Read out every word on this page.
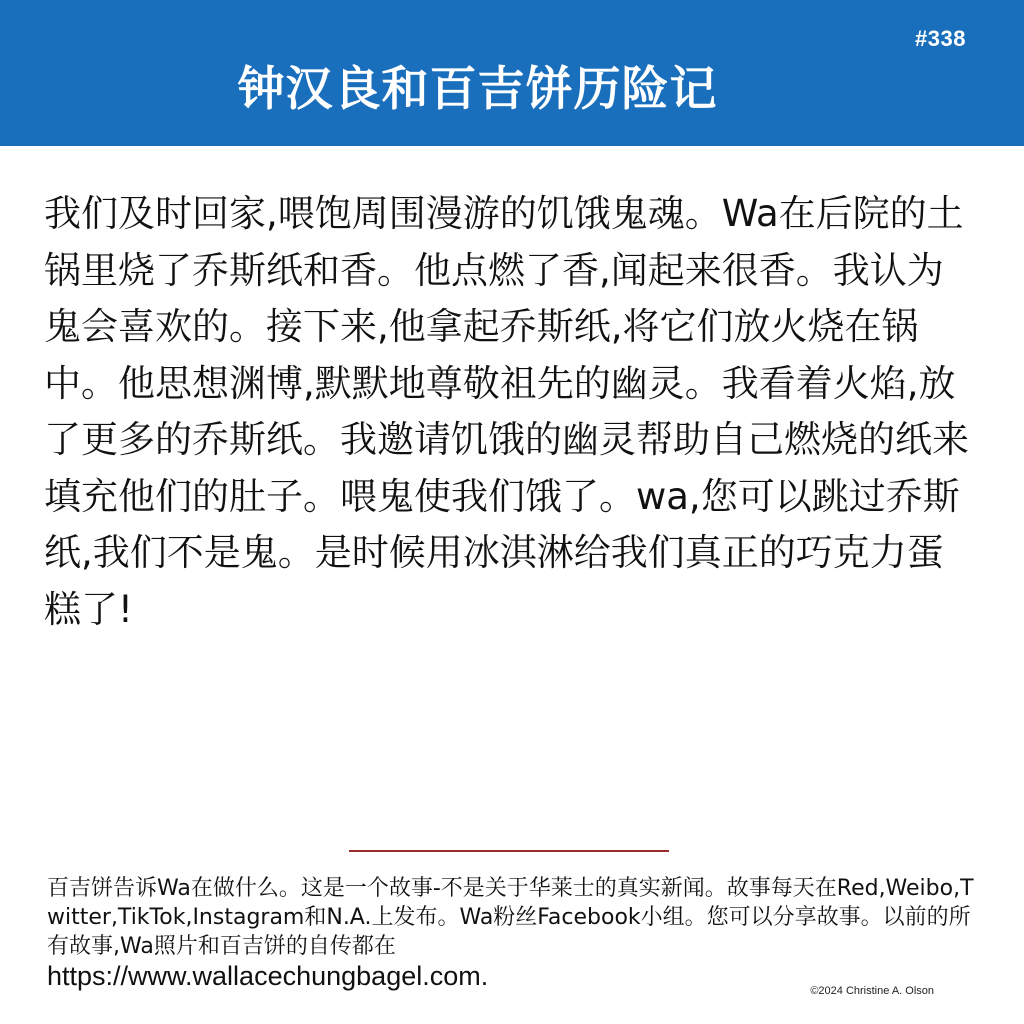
#338
钟汉良和百吉饼历险记

我们及时回家,喂饱周围漫游的饥饿鬼魂。Wa在后院的土锅里烧了乔斯纸和香。他点燃了香,闻起来很香。我认为鬼会喜欢的。接下来,他拿起乔斯纸,将它们放火烧在锅中。他思想渊博,默默地尊敬祖先的幽灵。我看着火焰,放了更多的乔斯纸。我邀请饥饿的幽灵帮助自己燃烧的纸来填充他们的肚子。喂鬼使我们饿了。wa,您可以跳过乔斯纸,我们不是鬼。是时候用冰淇淋给我们真正的巧克力蛋糕了!

百吉饼告诉Wa在做什么。这是一个故事-不是关于华莱士的真实新闻。故事每天在Red,Weibo,Twitter,TikTok,Instagram和N.A.上发布。Wa粉丝Facebook小组。您可以分享故事。以前的所有故事,Wa照片和百吉饼的自传都在
https://www.wallacechungbagel.com.	©2024 Christine A. Olson
